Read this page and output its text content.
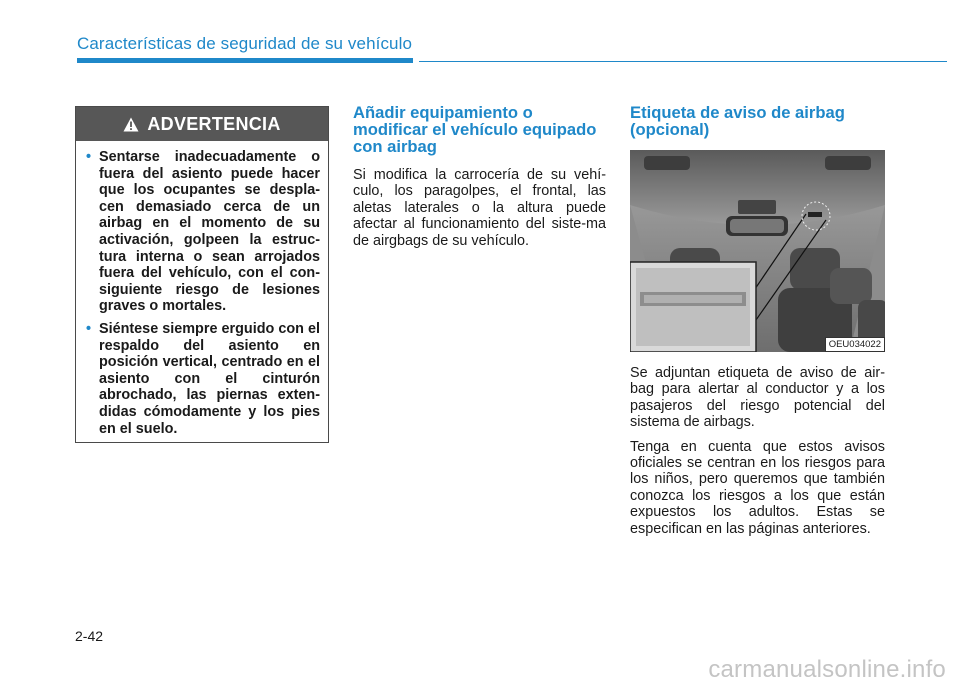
Características de seguridad de su vehículo
ADVERTENCIA
• Sentarse inadecuadamente o fuera del asiento puede hacer que los ocupantes se despla-cen demasiado cerca de un airbag en el momento de su activación, golpeen la estruc-tura interna o sean arrojados fuera del vehículo, con el con-siguiente riesgo de lesiones graves o mortales.
• Siéntese siempre erguido con el respaldo del asiento en posición vertical, centrado en el asiento con el cinturón abrochado, las piernas exten-didas cómodamente y los pies en el suelo.
Añadir equipamiento o modificar el vehículo equipado con airbag

Si modifica la carrocería de su vehí-culo, los paragolpes, el frontal, las aletas laterales o la altura puede afectar al funcionamiento del siste-ma de airgbags de su vehículo.

Etiqueta de aviso de airbag (opcional)
OEU034022

Se adjuntan etiqueta de aviso de air-bag para alertar al conductor y a los pasajeros del riesgo potencial del sistema de airbags.

Tenga en cuenta que estos avisos oficiales se centran en los riesgos para los niños, pero queremos que también conozca los riesgos a los que están expuestos los adultos. Estas se especifican en las páginas anteriores.

2-42
carmanualsonline.info
